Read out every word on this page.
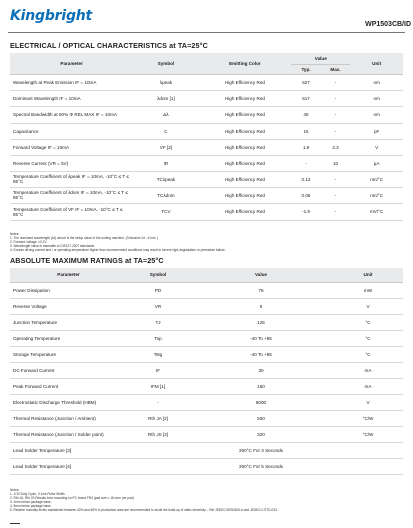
Kingbright
WP1503CB/ID
ELECTRICAL / OPTICAL CHARACTERISTICS at TA=25°C
Parameter	Symbol	Emitting Color	Value		Unit
			Typ.	Max.	
Wavelength at Peak Emission IF = 10mA	λpeak	High Efficiency Red	627	-	nm
Dominant Wavelength IF = 10mA	λdom [1]	High Efficiency Red	617	-	nm
Spectral Bandwidth at 50% Φ REL MAX IF = 10mA	Δλ	High Efficiency Red	45	-	nm
Capacitance	C	High Efficiency Red	15	-	pF
Forward Voltage IF = 10mA	VF [2]	High Efficiency Red	1.9	2.3	V
Reverse Current (VR = 5V)	IR	High Efficiency Red	-	10	μA
Temperature Coefficient of λpeak IF = 10mA, -10°C ≤ T ≤ 85°C	TCλpeak	High Efficiency Red	0.13	-	nm/°C
Temperature Coefficient of λdom IF = 10mA, -10°C ≤ T ≤ 85°C	TCλdom	High Efficiency Red	0.06	-	nm/°C
Temperature Coefficient of VF IF = 10mA, -10°C ≤ T ≤ 85°C	TCV	High Efficiency Red	-1.9	-	mV/°C
Notes:
1. The dominant wavelength (λd) above is the setup value of the sorting machine. (Tolerance λd : ±1nm. )
2. Forward voltage: ±0.1V.
3. Wavelength value is traceable to CIE127-2007 standards.
4. Excess driving current and / or operating temperature higher than recommended conditions may result in severe light degradation or premature failure.
ABSOLUTE MAXIMUM RATINGS at TA=25°C
Parameter	Symbol	Value	Unit
Power Dissipation	PD	75	mW
Reverse Voltage	VR	5	V
Junction Temperature	TJ	125	°C
Operating Temperature	Top	-40 To +85	°C
Storage Temperature	Tstg	-40 To +85	°C
DC Forward Current	IF	30	mA
Peak Forward Current	IFM [1]	160	mA
Electrostatic Discharge Threshold (HBM)	-	8000	V
Thermal Resistance (Junction / Ambient)	Rth JA [2]	500	°C/W
Thermal Resistance (Junction / Solder point)	Rth JS [2]	320	°C/W
Lead Solder Temperature [3]		260°C For 3 Seconds	
Lead Solder Temperature [4]		260°C For 5 Seconds	
Notes:
1. 1/10 Duty Cycle, 0.1ms Pulse Width.
2. Rth JA, Rth JS Results from mounting on PC board FR4 (pad size ≥ 16 mm² per pad).
3. 2mm below package base.
4. 5mm below package base.
5. Relative humidity levels maintained between 40% and 60% in production area are recommended to avoid the build-up of static electricity – Ref JEDEC/JESD625-A and JEDEC/J-STD-033.
